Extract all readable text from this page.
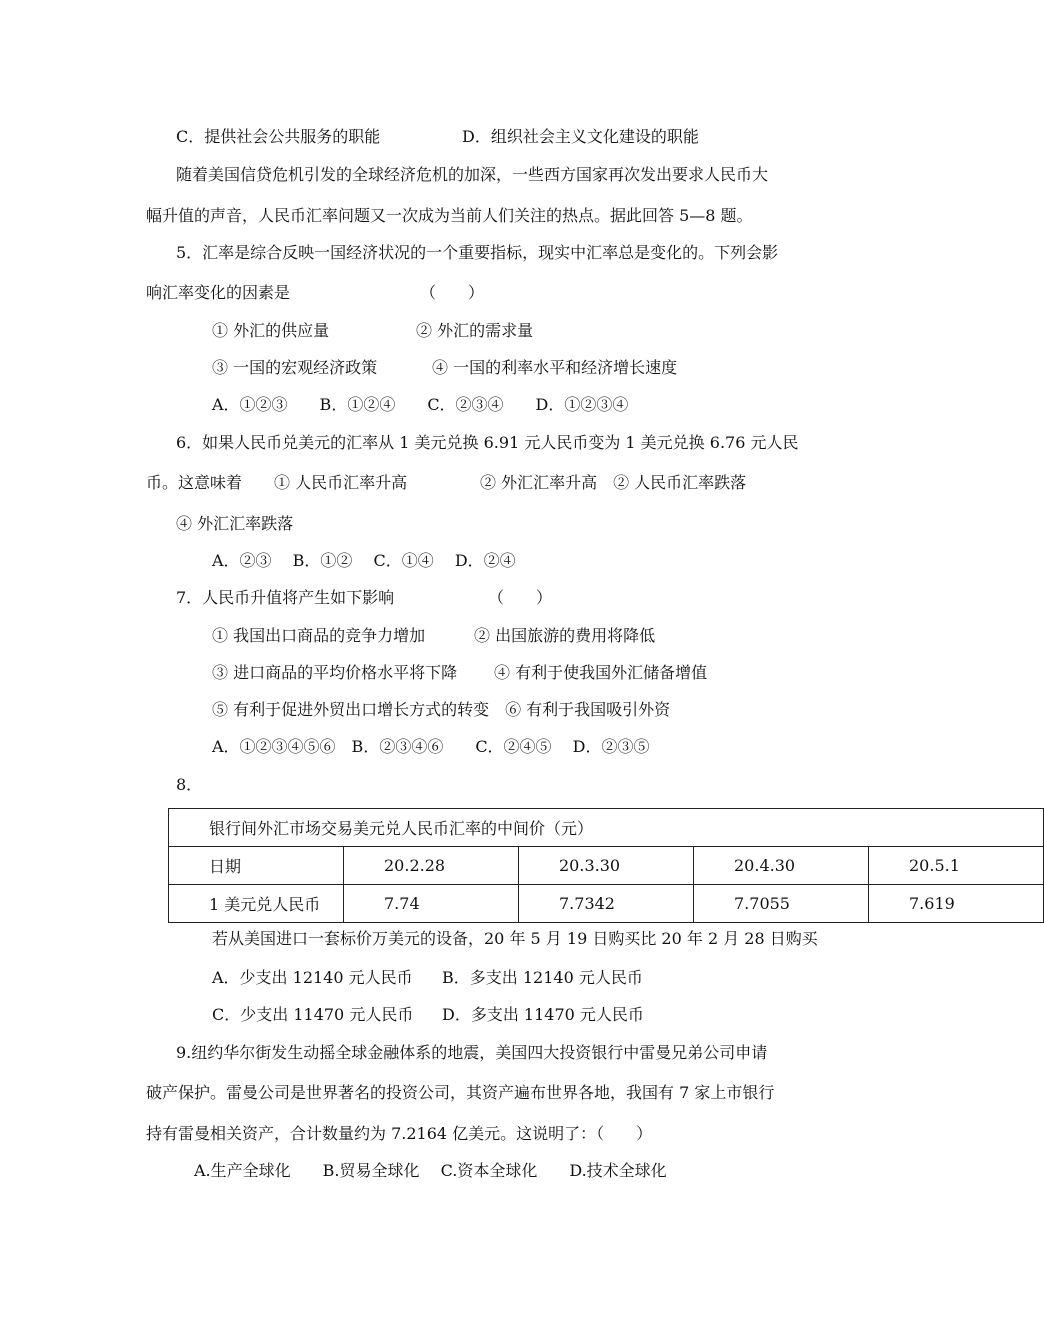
C．提供社会公共服务的职能	D．组织社会主义文化建设的职能
随着美国信贷危机引发的全球经济危机的加深，一些西方国家再次发出要求人民币大
幅升值的声音，人民币汇率问题又一次成为当前人们关注的热点。据此回答 5—8 题。
5．汇率是综合反映一国经济状况的一个重要指标，现实中汇率总是变化的。下列会影
响汇率变化的因素是	（　　）
① 外汇的供应量	② 外汇的需求量
③ 一国的宏观经济政策	④ 一国的利率水平和经济增长速度
A．①②③　　B．①②④　　C．②③④　　D．①②③④
6．如果人民币兑美元的汇率从 1 美元兑换 6.91 元人民币变为 1 美元兑换 6.76 元人民
币。这意味着　　① 人民币汇率升高	② 外汇汇率升高　② 人民币汇率跌落
④ 外汇汇率跌落
A．②③　 B．①②　 C．①④　 D．②④
7．人民币升值将产生如下影响	（　　）
① 我国出口商品的竞争力增加	② 出国旅游的费用将降低
③ 进口商品的平均价格水平将下降 ④ 有利于使我国外汇储备增值
⑤ 有利于促进外贸出口增长方式的转变　⑥ 有利于我国吸引外资
A．①②③④⑤⑥　B．②③④⑥　　C．②④⑤　 D．②③⑤
8．
银行间外汇市场交易美元兑人民币汇率的中间价（元）				
日期	20.2.28	20.3.30	20.4.30	20.5.1
1 美元兑人民币	7.74	7.7342	7.7055	7.619
若从美国进口一套标价万美元的设备，20 年 5 月 19 日购买比 20 年 2 月 28 日购买
A．少支出 12140 元人民币 B．多支出 12140 元人民币
C．少支出 11470 元人民币 D．多支出 11470 元人民币
9.纽约华尔街发生动摇全球金融体系的地震，美国四大投资银行中雷曼兄弟公司申请
破产保护。雷曼公司是世界著名的投资公司，其资产遍布世界各地，我国有 7 家上市银行
持有雷曼相关资产，合计数量约为 7.2164 亿美元。这说明了：（　　）
A.生产全球化　　B.贸易全球化　 C.资本全球化　　D.技术全球化
